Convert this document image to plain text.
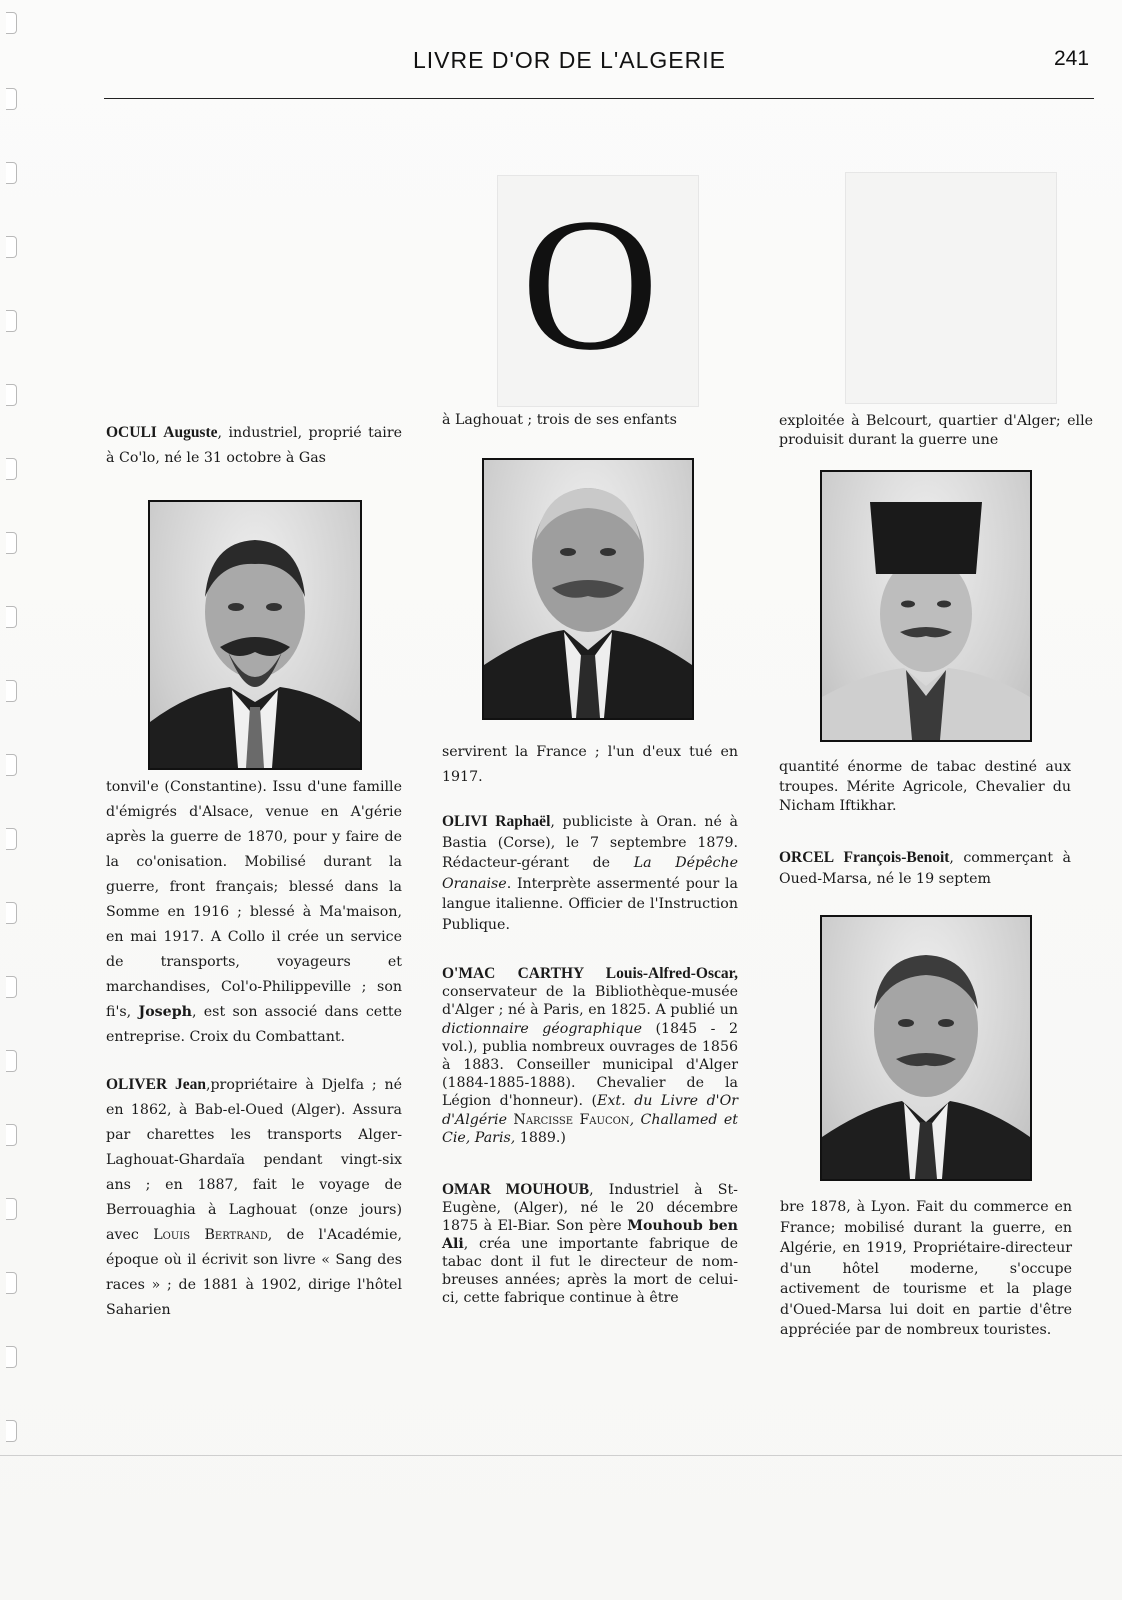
LIVRE D'OR DE L'ALGERIE	241
O

OCULI Auguste, industriel, proprié taire à Co'lo, né le 31 octobre à Gas

tonvil'e (Constantine). Issu d'une famille d'émigrés d'Alsace, venue en A'gérie après la guerre de 1870, pour y faire de la co'onisation. Mobilisé durant la guerre, front français; blessé dans la Somme en 1916 ; blessé à Ma'maison, en mai 1917. A Collo il crée un service de transports, voyageurs et marchandises, Col'o-Philippeville ; son fi's, Joseph, est son associé dans cette entreprise. Croix du Combattant.

OLIVER Jean,propriétaire à Djelfa ; né en 1862, à Bab-el-Oued (Alger). Assura par charettes les transports Alger-Laghouat-Ghardaïa pendant vingt-six ans ; en 1887, fait le voyage de Berrouaghia à Laghouat (onze jours) avec Louis Bertrand, de l'Académie, époque où il écrivit son livre « Sang des races » ; de 1881 à 1902, dirige l'hôtel Saharien

à Laghouat ; trois de ses enfants

servirent la France ; l'un d'eux tué en 1917.

OLIVI Raphaël, publiciste à Oran. né à Bastia (Corse), le 7 septembre 1879. Rédacteur-gérant de La Dépêche Oranaise. Interprète assermenté pour la langue italienne. Officier de l'Instruction Publique.

O'MAC CARTHY Louis-Alfred-Oscar, conservateur de la Bibliothèque-musée d'Alger ; né à Paris, en 1825. A publié un dictionnaire géographique (1845 - 2 vol.), publia nombreux ouvrages de 1856 à 1883. Conseiller municipal d'Alger (1884-1885-1888). Chevalier de la Légion d'honneur). (Ext. du Livre d'Or d'Algérie Narcisse Faucon, Challamed et Cie, Paris, 1889.)

OMAR MOUHOUB, Industriel à St-Eugène, (Alger), né le 20 décembre 1875 à El-Biar. Son père Mouhoub ben Ali, créa une importante fabrique de tabac dont il fut le directeur de nombreuses années; après la mort de celui-ci, cette fabrique continue à être

exploitée à Belcourt, quartier d'Alger; elle produisit durant la guerre une

quantité énorme de tabac destiné aux troupes. Mérite Agricole, Chevalier du Nicham Iftikhar.

ORCEL François-Benoit, commerçant à Oued-Marsa, né le 19 septem

bre 1878, à Lyon. Fait du commerce en France; mobilisé durant la guerre, en Algérie, en 1919, Propriétaire-directeur d'un hôtel moderne, s'occupe activement de tourisme et la plage d'Oued-Marsa lui doit en partie d'être appréciée par de nombreux touristes.
